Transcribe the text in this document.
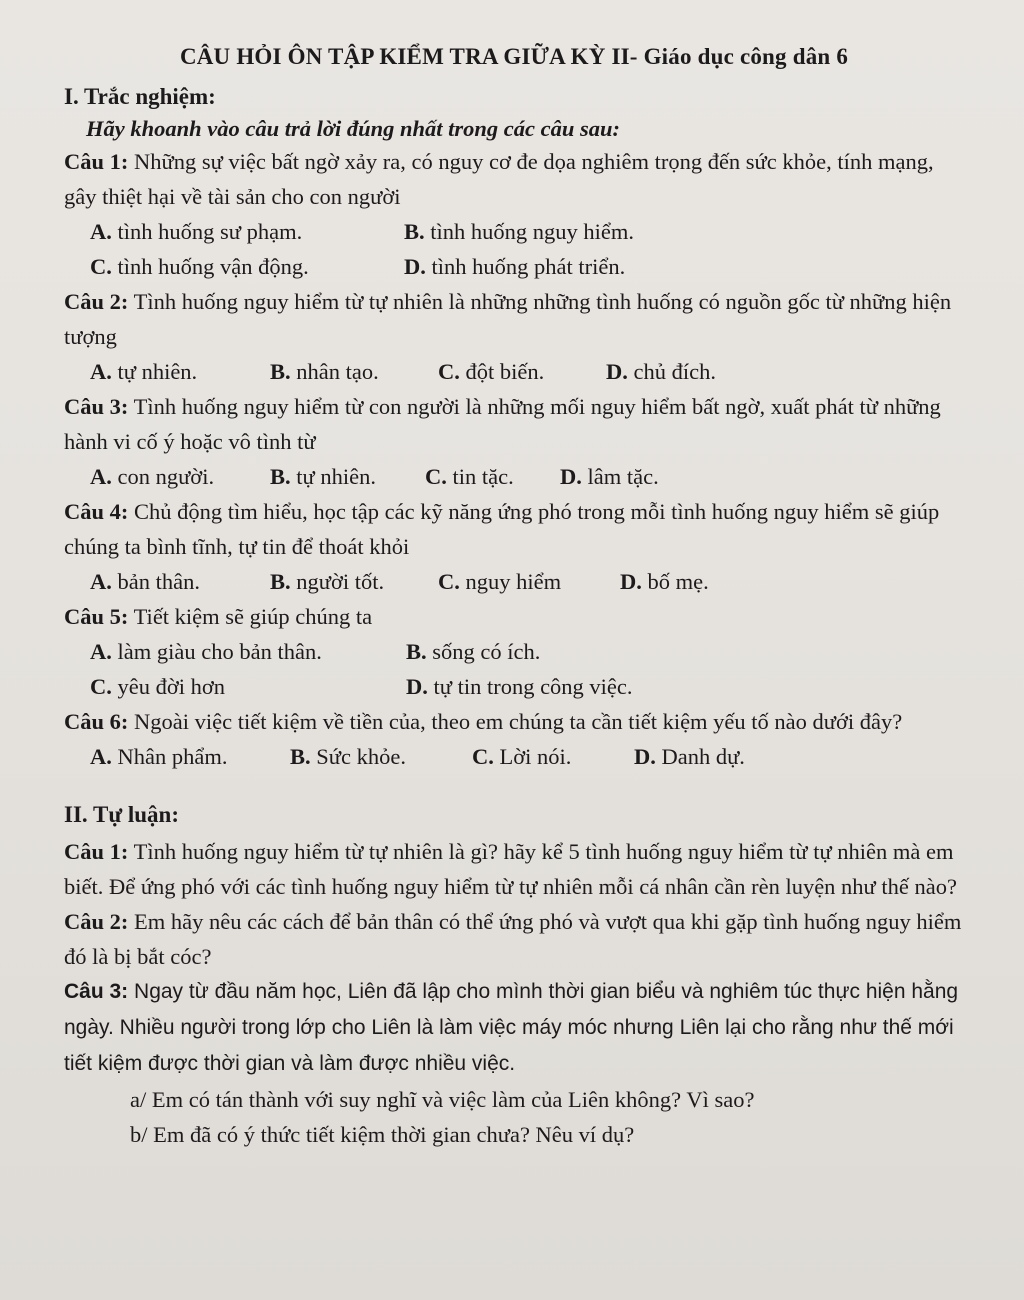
CÂU HỎI ÔN TẬP KIỂM TRA GIỮA KỲ II- Giáo dục công dân 6
I. Trắc nghiệm:
Hãy khoanh vào câu trả lời đúng nhất trong các câu sau:

Câu 1: Những sự việc bất ngờ xảy ra, có nguy cơ đe dọa nghiêm trọng đến sức khỏe, tính mạng, gây thiệt hại về tài sản cho con người

A. tình huống sư phạm.	B. tình huống nguy hiểm.
C. tình huống vận động.	D. tình huống phát triển.

Câu 2: Tình huống nguy hiểm từ tự nhiên là những những tình huống có nguồn gốc từ những hiện tượng

A. tự nhiên.	B. nhân tạo.	C. đột biến.	D. chủ đích.

Câu 3: Tình huống nguy hiểm từ con người là những mối nguy hiểm bất ngờ, xuất phát từ những hành vi cố ý hoặc vô tình từ

A. con người.	B. tự nhiên.	C. tin tặc.	D. lâm tặc.

Câu 4: Chủ động tìm hiểu, học tập các kỹ năng ứng phó trong mỗi tình huống nguy hiểm sẽ giúp chúng ta bình tĩnh, tự tin để thoát khỏi

A. bản thân.	B. người tốt.	C. nguy hiểm	D. bố mẹ.

Câu 5: Tiết kiệm sẽ giúp chúng ta

A. làm giàu cho bản thân.	B. sống có ích.
C. yêu đời hơn	D. tự tin trong công việc.

Câu 6: Ngoài việc tiết kiệm về tiền của, theo em chúng ta cần tiết kiệm yếu tố nào dưới đây?

A. Nhân phẩm.	B. Sức khỏe.	C. Lời nói.	D. Danh dự.
II. Tự luận:

Câu 1: Tình huống nguy hiểm từ tự nhiên là gì? hãy kể 5 tình huống nguy hiểm từ tự nhiên mà em biết. Để ứng phó với các tình huống nguy hiểm từ tự nhiên mỗi cá nhân cần rèn luyện như thế nào?

Câu 2: Em hãy nêu các cách để bản thân có thể ứng phó và vượt qua khi gặp tình huống nguy hiểm đó là bị bắt cóc?

Câu 3: Ngay từ đầu năm học, Liên đã lập cho mình thời gian biểu và nghiêm túc thực hiện hằng ngày. Nhiều người trong lớp cho Liên là làm việc máy móc nhưng Liên lại cho rằng như thế mới tiết kiệm được thời gian và làm được nhiều việc.

a/ Em có tán thành với suy nghĩ và việc làm của Liên không? Vì sao?
b/ Em đã có ý thức tiết kiệm thời gian chưa? Nêu ví dụ?
